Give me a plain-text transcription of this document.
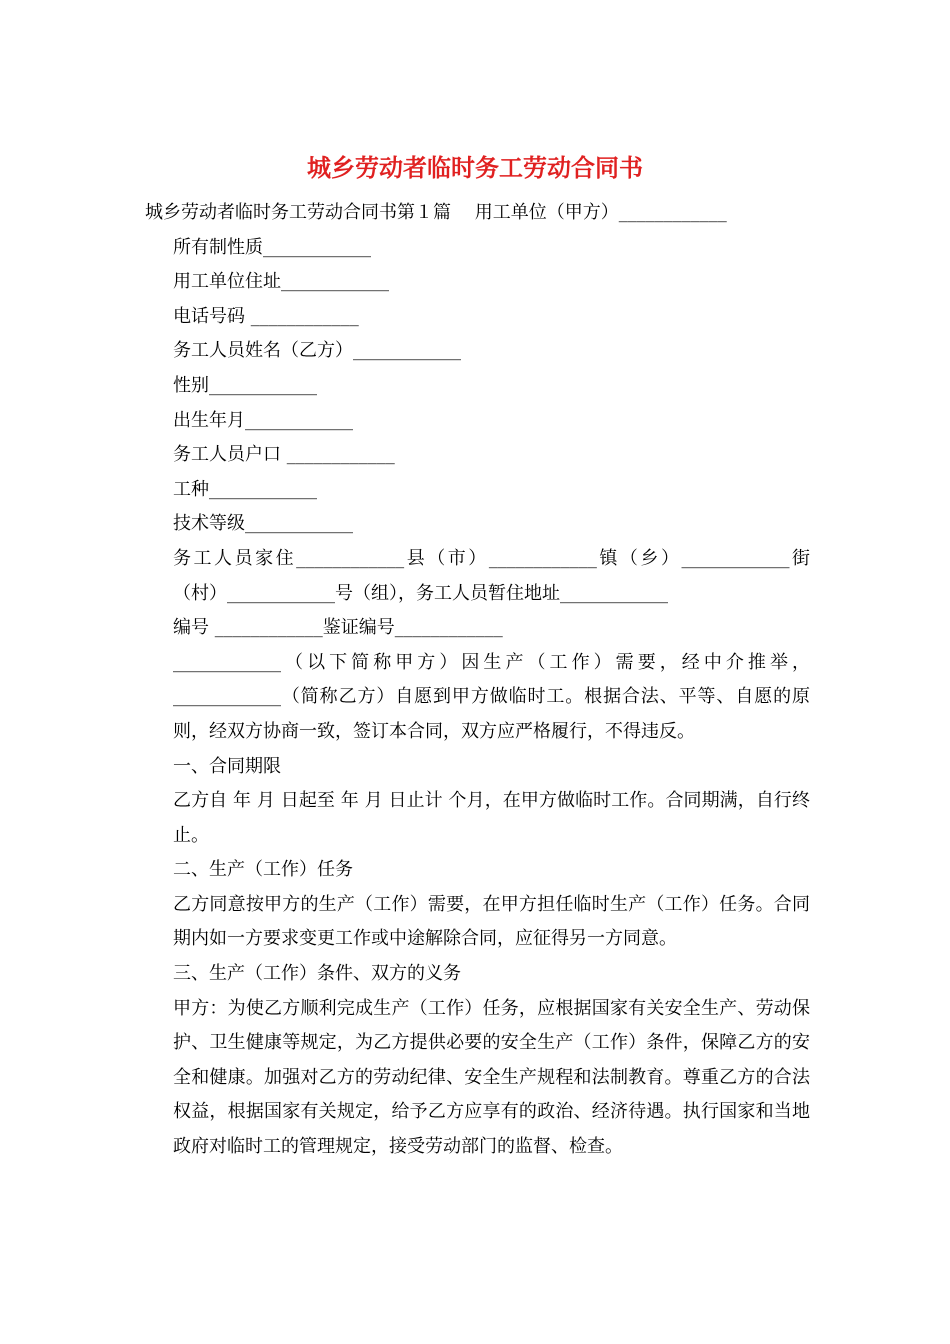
城乡劳动者临时务工劳动合同书

城乡劳动者临时务工劳动合同书第１篇　 用工单位（甲方）____________

所有制性质____________

用工单位住址____________

电话号码 ____________

务工人员姓名（乙方）____________

性别____________

出生年月____________

务工人员户口 ____________

工种____________

技术等级____________

务工人员家住____________县（市）____________镇（乡）____________街（村）____________号（组），务工人员暂住地址____________

编号 ____________鉴证编号____________

____________（以下简称甲方）因生产（工作）需要，经中介推举，____________（简称乙方）自愿到甲方做临时工。根据合法、平等、自愿的原则，经双方协商一致，签订本合同，双方应严格履行，不得违反。

一、合同期限

乙方自 年 月 日起至 年 月 日止计 个月，在甲方做临时工作。合同期满，自行终止。

二、生产（工作）任务

乙方同意按甲方的生产（工作）需要，在甲方担任临时生产（工作）任务。合同期内如一方要求变更工作或中途解除合同，应征得另一方同意。

三、生产（工作）条件、双方的义务

甲方：为使乙方顺利完成生产（工作）任务，应根据国家有关安全生产、劳动保护、卫生健康等规定，为乙方提供必要的安全生产（工作）条件，保障乙方的安全和健康。加强对乙方的劳动纪律、安全生产规程和法制教育。尊重乙方的合法权益，根据国家有关规定，给予乙方应享有的政治、经济待遇。执行国家和当地政府对临时工的管理规定，接受劳动部门的监督、检查。
